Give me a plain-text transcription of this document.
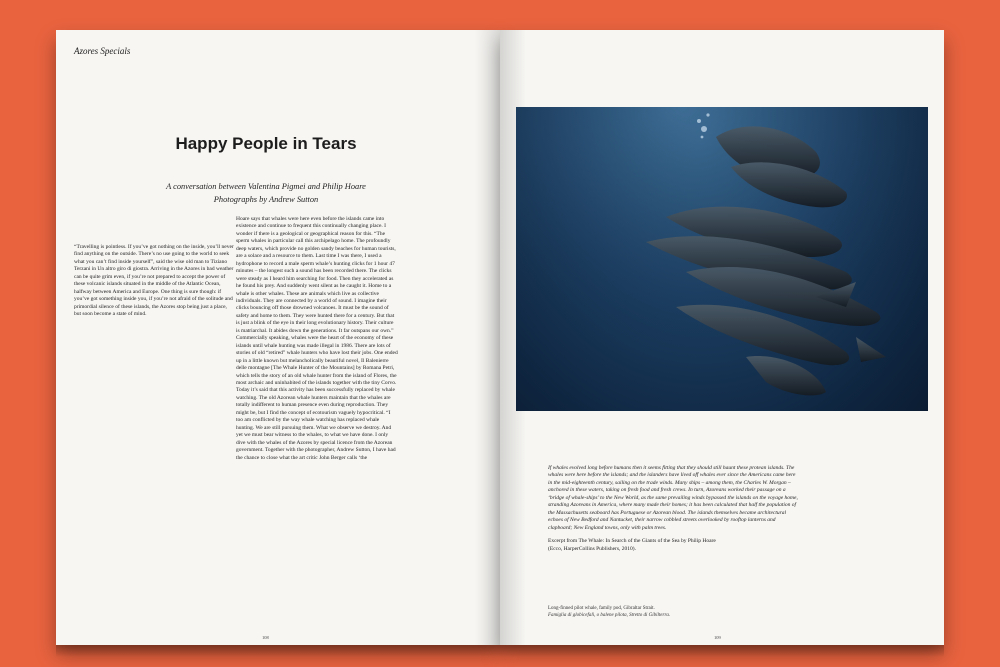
Azores Specials
Happy People in Tears
A conversation between Valentina Pigmei and Philip Hoare
Photographs by Andrew Sutton

“Travelling is pointless. If you’ve got nothing on the inside, you’ll never find anything on the outside. There’s no use going to the world to seek what you can’t find inside yourself”, said the wise old man to Tiziano Terzani in Un altro giro di giostra. Arriving in the Azores in bad weather can be quite grim even, if you’re not prepared to accept the power of these volcanic islands situated in the middle of the Atlantic Ocean, halfway between America and Europe. One thing is sure though: if you’ve got something inside you, if you’re not afraid of the solitude and primordial silence of these islands, the Azores stop being just a place, but soon become a state of mind.

Hoare says that whales were here even before the islands came into existence and continue to frequent this continually changing place. I wonder if there is a geological or geographical reason for this. “The sperm whales in particular call this archipelago home. The profoundly deep waters, which provide no golden sandy beaches for human tourists, are a solace and a resource to them. Last time I was there, I used a hydrophone to record a male sperm whale’s hunting clicks for 1 hour 47 minutes – the longest such a sound has been recorded there. The clicks were steady as I heard him searching for food. Then they accelerated as he found his prey. And suddenly went silent as he caught it. Home to a whale is other whales. These are animals which live as collective individuals. They are connected by a world of sound. I imagine their clicks bouncing off those drowned volcanoes. It must be the sound of safety and home to them. They were hunted there for a century. But that is just a blink of the eye in their long evolutionary history. Their culture is matriarchal. It abides down the generations. It far outspans our own.”

Commercially speaking, whales were the heart of the economy of these islands until whale hunting was made illegal in 1986. There are lots of stories of old “retired” whale hunters who have lost their jobs. One ended up in a little known but melancholically beautiful novel, Il Balenierre delle montagne [The Whale Hunter of the Mountains] by Romana Petri, which tells the story of an old whale hunter from the island of Flores, the most archaic and uninhabited of the islands together with the tiny Corvo.

Today it’s said that this activity has been successfully replaced by whale watching. The old Azorean whale hunters maintain that the whales are totally indifferent to human presence even during reproduction. They might be, but I find the concept of ecotourism vaguely hypocritical. “I too am conflicted by the way whale watching has replaced whale hunting. We are still pursuing them. What we observe we destroy. And yet we must bear witness to the whales, to what we have done. I only dive with the whales of the Azores by special licence from the Azorean government. Together with the photographer, Andrew Sutton, I have had the chance to close what the art critic John Berger calls ‘the

108

If whales evolved long before humans then it seems fitting that they should still haunt these protean islands. The whales were here before the islands; and the islanders have lived off whales ever since the Americans came here in the mid-eighteenth century, sailing on the trade winds. Many ships – among them, the Charles W. Morgan – anchored in these waters, taking on fresh food and fresh crews. In turn, Azoreans worked their passage on a ‘bridge of whale-ships’ to the New World, as the same prevailing winds bypassed the islands on the voyage home, stranding Azoreans in America, where many made their homes; it has been calculated that half the population of the Massachusetts seaboard has Portuguese or Azorean blood. The islands themselves became architectural echoes of New Bedford and Nantucket, their narrow cobbled streets overlooked by rooftop lanterns and clapboard; New England towns, only with palm trees.

Excerpt from The Whale: In Search of the Giants of the Sea by Philip Hoare
(Ecco, HarperCollins Publishers, 2010).

Long-finned pilot whale, family pod, Gibraltar Strait.
Famiglia di globicefali, o balene pilota, Stretto di Gibilterra.
109
